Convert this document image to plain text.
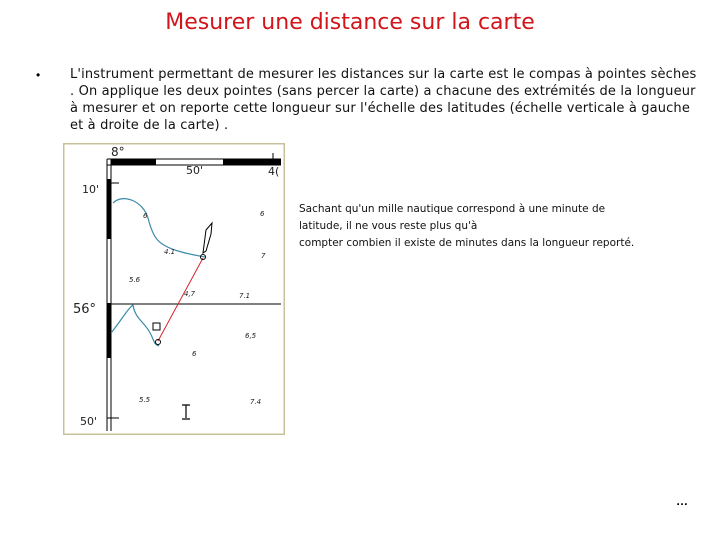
Mesurer une distance sur la carte
• L'instrument permettant de mesurer les distances sur la carte est le compas à pointes sèches
. On applique les deux pointes (sans percer la carte) a chacune des extrémités de la longueur
à mesurer et on reporte cette longueur sur l'échelle des latitudes (échelle verticale à gauche
et à droite de la carte) .
8°
50'	4(
10'
56°
50'
6	6
4.1	7
5.6
4,7	7.1
6,5
6
5.5	7.4
Sachant qu'un mille nautique correspond à une minute de
latitude, il ne vous reste plus qu'à
compter combien il existe de minutes dans la longueur reporté.
…
